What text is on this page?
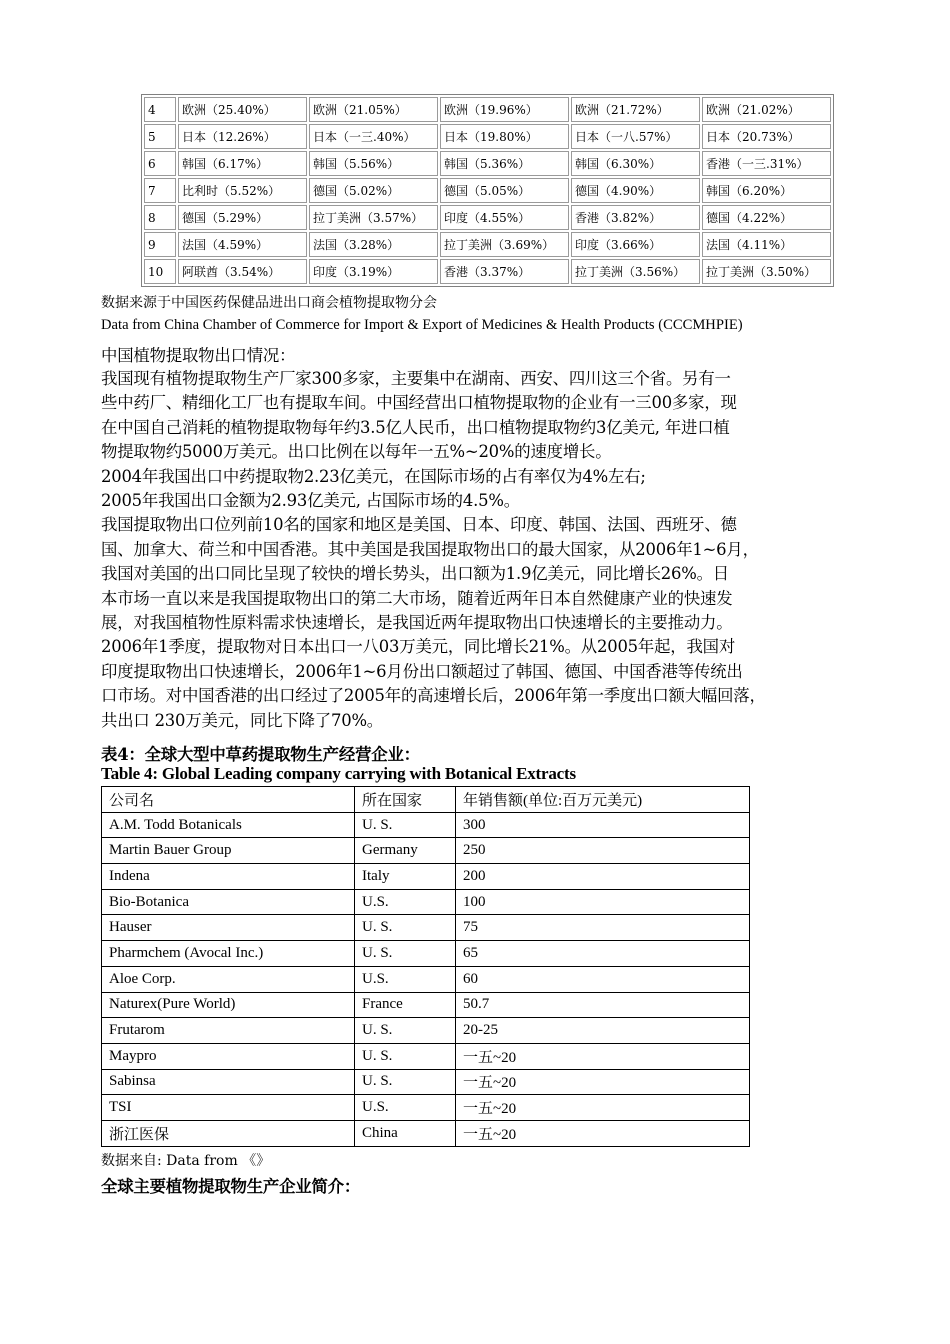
4	欧洲（25.40%）	欧洲（21.05%）	欧洲（19.96%）	欧洲（21.72%）	欧洲（21.02%）
5	日本（12.26%）	日本（一三.40%）	日本（19.80%）	日本（一八.57%）	日本（20.73%）
6	韩国（6.17%）	韩国（5.56%）	韩国（5.36%）	韩国（6.30%）	香港（一三.31%）
7	比利时（5.52%）	德国（5.02%）	德国（5.05%）	德国（4.90%）	韩国（6.20%）
8	德国（5.29%）	拉丁美洲（3.57%）	印度（4.55%）	香港（3.82%）	德国（4.22%）
9	法国（4.59%）	法国（3.28%）	拉丁美洲（3.69%）	印度（3.66%）	法国（4.11%）
10	阿联酋（3.54%）	印度（3.19%）	香港（3.37%）	拉丁美洲（3.56%）	拉丁美洲（3.50%）
数据来源于中国医药保健品进出口商会植物提取物分会
Data from China Chamber of Commerce for Import & Export of Medicines & Health Products (CCCMHPIE)
中国植物提取物出口情况：
我国现有植物提取物生产厂家300多家，主要集中在湖南、西安、四川这三个省。另有一
些中药厂、精细化工厂也有提取车间。中国经营出口植物提取物的企业有一三00多家，现
在中国自己消耗的植物提取物每年约3.5亿人民币，出口植物提取物约3亿美元, 年进口植
物提取物约5000万美元。出口比例在以每年一五%~20%的速度增长。
2004年我国出口中药提取物2.23亿美元，在国际市场的占有率仅为4%左右;
2005年我国出口金额为2.93亿美元, 占国际市场的4.5%。
我国提取物出口位列前10名的国家和地区是美国、日本、印度、韩国、法国、西班牙、德
国、加拿大、荷兰和中国香港。其中美国是我国提取物出口的最大国家，从2006年1~6月，
我国对美国的出口同比呈现了较快的增长势头，出口额为1.9亿美元，同比增长26%。日
本市场一直以来是我国提取物出口的第二大市场，随着近两年日本自然健康产业的快速发
展，对我国植物性原料需求快速增长，是我国近两年提取物出口快速增长的主要推动力。
2006年1季度，提取物对日本出口一八03万美元，同比增长21%。从2005年起，我国对
印度提取物出口快速增长，2006年1~6月份出口额超过了韩国、德国、中国香港等传统出
口市场。对中国香港的出口经过了2005年的高速增长后，2006年第一季度出口额大幅回落，
共出口 230万美元，同比下降了70%。
表4：全球大型中草药提取物生产经营企业：
Table 4: Global Leading company carrying with Botanical Extracts
公司名	所在国家	年销售额(单位:百万元美元)
A.M. Todd Botanicals	U. S.	300
Martin Bauer Group	Germany	250
Indena	Italy	200
Bio-Botanica	U.S.	100
Hauser	U. S.	75
Pharmchem (Avocal Inc.)	U. S.	65
Aloe Corp.	U.S.	60
Naturex(Pure World)	France	50.7
Frutarom	U. S.	20-25
Maypro	U. S.	一五~20
Sabinsa	U. S.	一五~20
TSI	U.S.	一五~20
浙江医保	China	一五~20
数据来自: Data from 《》
全球主要植物提取物生产企业简介：
